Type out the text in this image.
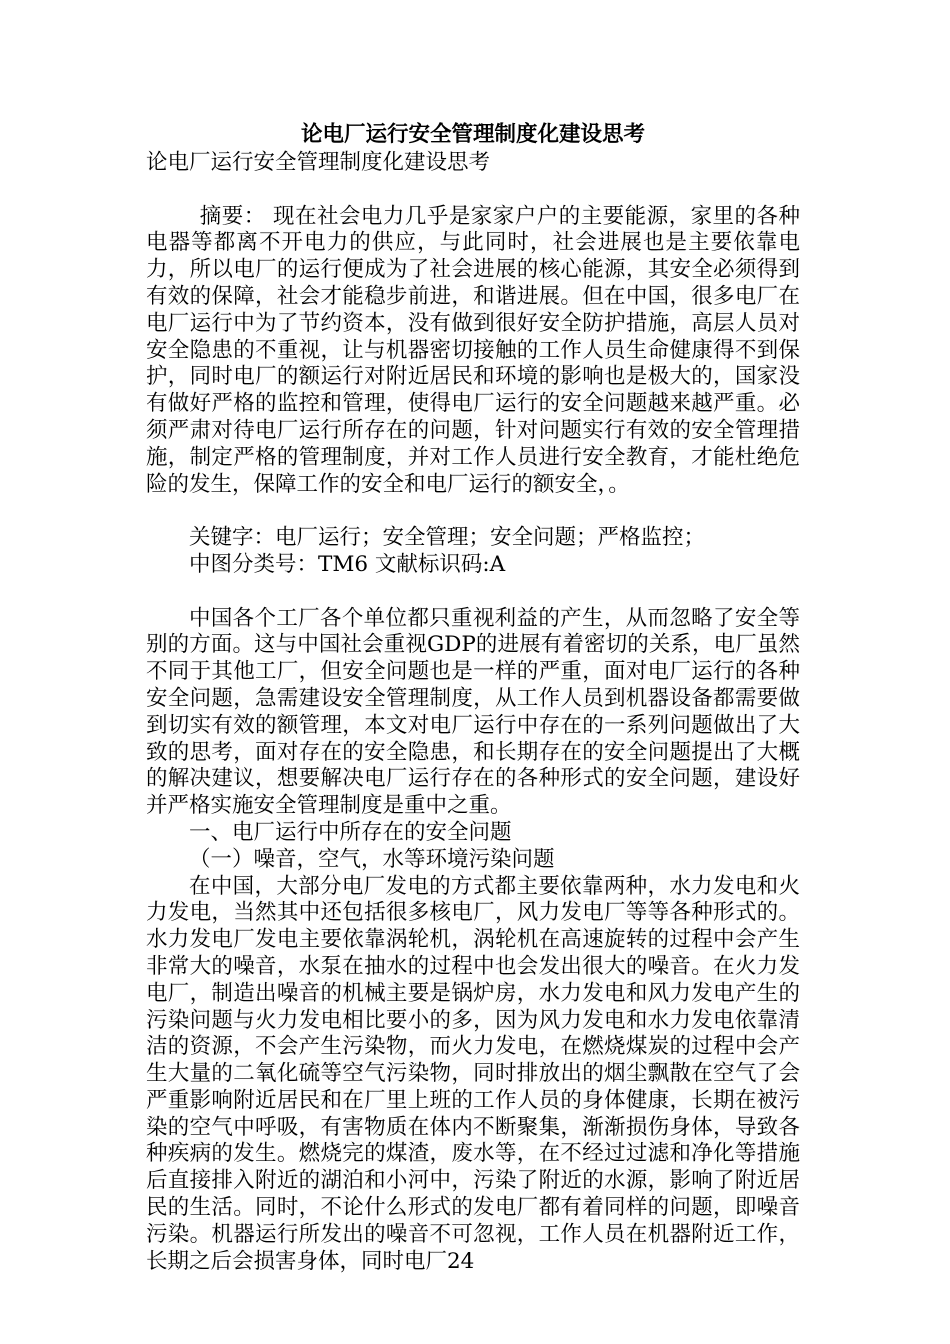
论电厂运行安全管理制度化建设思考

论电厂运行安全管理制度化建设思考

摘要： 现在社会电力几乎是家家户户的主要能源，家里的各种电器等都离不开电力的供应，与此同时，社会进展也是主要依靠电力，所以电厂的运行便成为了社会进展的核心能源，其安全必须得到有效的保障，社会才能稳步前进，和谐进展。但在中国，很多电厂在电厂运行中为了节约资本，没有做到很好安全防护措施，高层人员对安全隐患的不重视，让与机器密切接触的工作人员生命健康得不到保护，同时电厂的额运行对附近居民和环境的影响也是极大的，国家没有做好严格的监控和管理，使得电厂运行的安全问题越来越严重。必须严肃对待电厂运行所存在的问题，针对问题实行有效的安全管理措施，制定严格的管理制度，并对工作人员进行安全教育，才能杜绝危险的发生，保障工作的安全和电厂运行的额安全，。

关键字：电厂运行；安全管理；安全问题；严格监控；

中图分类号：TM6 文献标识码:A

中国各个工厂各个单位都只重视利益的产生，从而忽略了安全等别的方面。这与中国社会重视GDP的进展有着密切的关系，电厂虽然不同于其他工厂，但安全问题也是一样的严重，面对电厂运行的各种安全问题，急需建设安全管理制度，从工作人员到机器设备都需要做到切实有效的额管理，本文对电厂运行中存在的一系列问题做出了大致的思考，面对存在的安全隐患，和长期存在的安全问题提出了大概的解决建议，想要解决电厂运行存在的各种形式的安全问题，建设好并严格实施安全管理制度是重中之重。

一、电厂运行中所存在的安全问题

（一）噪音，空气，水等环境污染问题

在中国，大部分电厂发电的方式都主要依靠两种，水力发电和火力发电，当然其中还包括很多核电厂，风力发电厂等等各种形式的。水力发电厂发电主要依靠涡轮机，涡轮机在高速旋转的过程中会产生非常大的噪音，水泵在抽水的过程中也会发出很大的噪音。在火力发电厂，制造出噪音的机械主要是锅炉房，水力发电和风力发电产生的污染问题与火力发电相比要小的多，因为风力发电和水力发电依靠清洁的资源，不会产生污染物，而火力发电，在燃烧煤炭的过程中会产生大量的二氧化硫等空气污染物，同时排放出的烟尘飘散在空气了会严重影响附近居民和在厂里上班的工作人员的身体健康，长期在被污染的空气中呼吸，有害物质在体内不断聚集，渐渐损伤身体，导致各种疾病的发生。燃烧完的煤渣，废水等，在不经过过滤和净化等措施后直接排入附近的湖泊和小河中，污染了附近的水源，影响了附近居民的生活。同时，不论什么形式的发电厂都有着同样的问题，即噪音污染。机器运行所发出的噪音不可忽视，工作人员在机器附近工作，长期之后会损害身体，同时电厂24
